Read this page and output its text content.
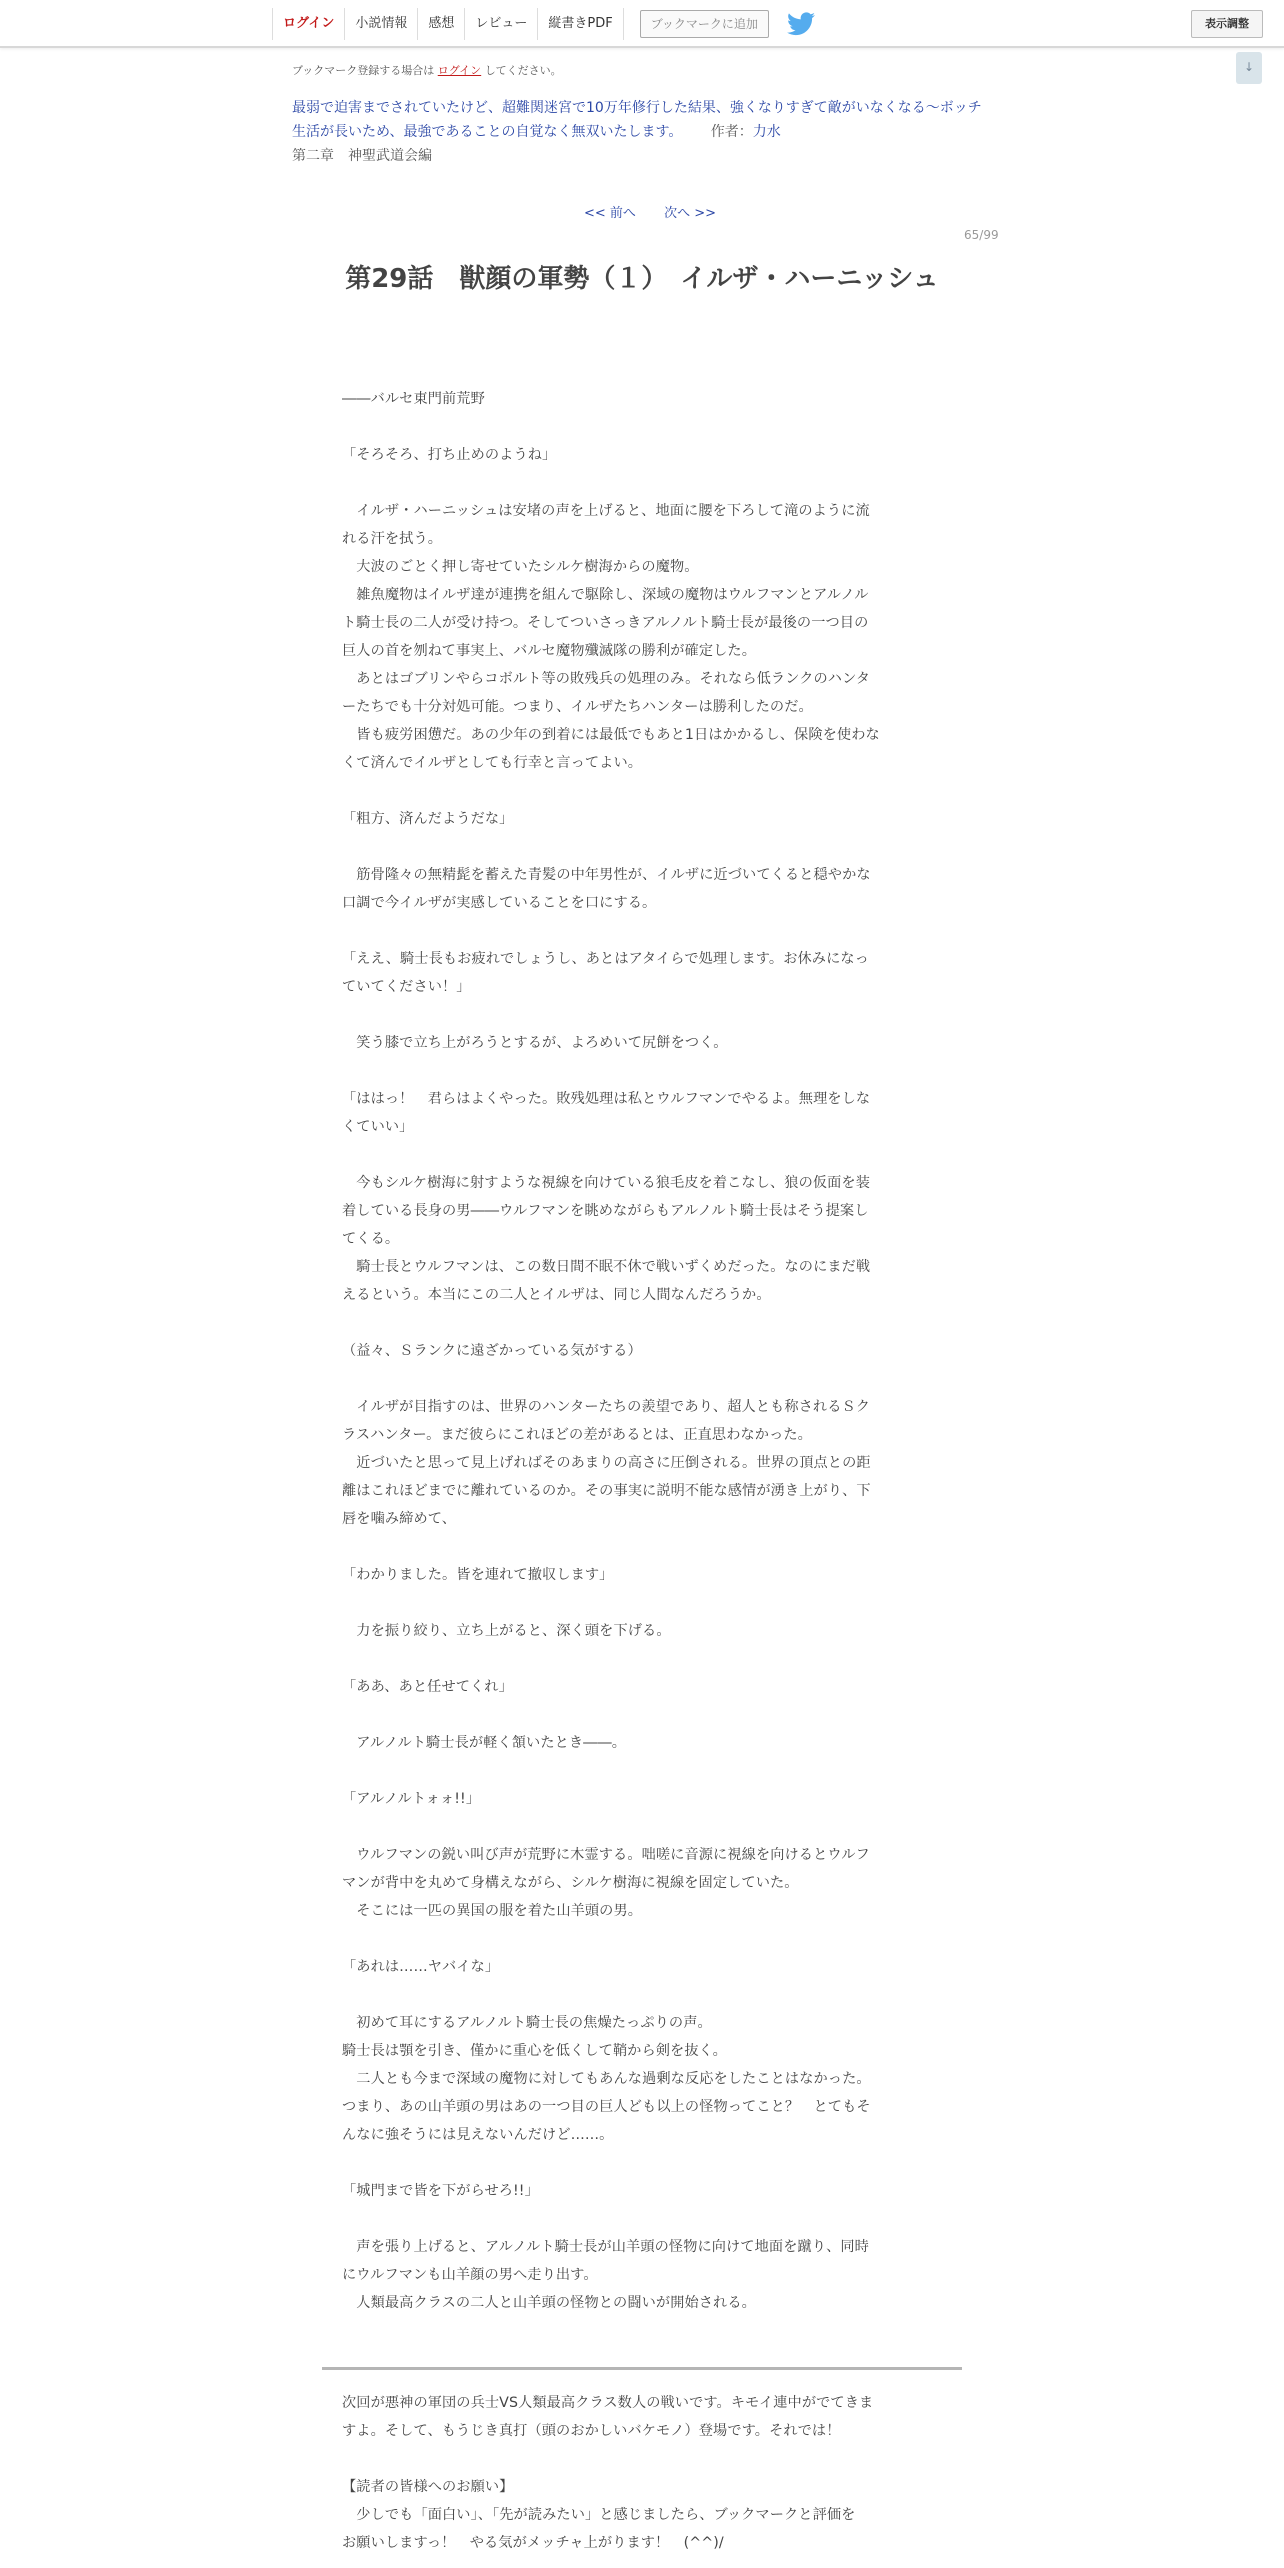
ログイン	小説情報	感想	レビュー	縦書きPDF	ブックマークに追加	表示調整
↓
ブックマーク登録する場合は ログイン してください。
最弱で迫害までされていたけど、超難関迷宮で10万年修行した結果、強くなりすぎて敵がいなくなる～ボッチ生活が長いため、最強であることの自覚なく無双いたします。 作者：力水
第二章　神聖武道会編
<< 前へ 次へ >>
65/99
第29話　獣顔の軍勢（１）　イルザ・ハーニッシュ

――バルセ東門前荒野

「そろそろ、打ち止めのようね」

　イルザ・ハーニッシュは安堵の声を上げると、地面に腰を下ろして滝のように流

れる汗を拭う。

　大波のごとく押し寄せていたシルケ樹海からの魔物。

　雑魚魔物はイルザ達が連携を組んで駆除し、深域の魔物はウルフマンとアルノル

ト騎士長の二人が受け持つ。そしてついさっきアルノルト騎士長が最後の一つ目の

巨人の首を刎ねて事実上、バルセ魔物殲滅隊の勝利が確定した。

　あとはゴブリンやらコボルト等の敗残兵の処理のみ。それなら低ランクのハンタ

ーたちでも十分対処可能。つまり、イルザたちハンターは勝利したのだ。

　皆も疲労困憊だ。あの少年の到着には最低でもあと1日はかかるし、保険を使わな

くて済んでイルザとしても行幸と言ってよい。

「粗方、済んだようだな」

　筋骨隆々の無精髭を蓄えた青髪の中年男性が、イルザに近づいてくると穏やかな

口調で今イルザが実感していることを口にする。

「ええ、騎士長もお疲れでしょうし、あとはアタイらで処理します。お休みになっ

ていてください！」

　笑う膝で立ち上がろうとするが、よろめいて尻餅をつく。

「ははっ！　君らはよくやった。敗残処理は私とウルフマンでやるよ。無理をしな

くていい」

　今もシルケ樹海に射すような視線を向けている狼毛皮を着こなし、狼の仮面を装

着している長身の男――ウルフマンを眺めながらもアルノルト騎士長はそう提案し

てくる。

　騎士長とウルフマンは、この数日間不眠不休で戦いずくめだった。なのにまだ戦

えるという。本当にこの二人とイルザは、同じ人間なんだろうか。

（益々、Ｓランクに遠ざかっている気がする）

　イルザが目指すのは、世界のハンターたちの羨望であり、超人とも称されるＳク

ラスハンター。まだ彼らにこれほどの差があるとは、正直思わなかった。

　近づいたと思って見上げればそのあまりの高さに圧倒される。世界の頂点との距

離はこれほどまでに離れているのか。その事実に説明不能な感情が湧き上がり、下

唇を噛み締めて、

「わかりました。皆を連れて撤収します」

　力を振り絞り、立ち上がると、深く頭を下げる。

「ああ、あと任せてくれ」

　アルノルト騎士長が軽く頷いたとき――。

「アルノルトォォ!!」

　ウルフマンの鋭い叫び声が荒野に木霊する。咄嗟に音源に視線を向けるとウルフ

マンが背中を丸めて身構えながら、シルケ樹海に視線を固定していた。

　そこには一匹の異国の服を着た山羊頭の男。

「あれは……ヤバイな」

　初めて耳にするアルノルト騎士長の焦燥たっぷりの声。

騎士長は顎を引き、僅かに重心を低くして鞘から剣を抜く。

　二人とも今まで深域の魔物に対してもあんな過剰な反応をしたことはなかった。

つまり、あの山羊頭の男はあの一つ目の巨人ども以上の怪物ってこと？　とてもそ

んなに強そうには見えないんだけど……。

「城門まで皆を下がらせろ!!」

　声を張り上げると、アルノルト騎士長が山羊頭の怪物に向けて地面を蹴り、同時

にウルフマンも山羊顔の男へ走り出す。

　人類最高クラスの二人と山羊頭の怪物との闘いが開始される。

次回が悪神の軍団の兵士VS人類最高クラス数人の戦いです。キモイ連中がでてきま

すよ。そして、もうじき真打（頭のおかしいバケモノ）登場です。それでは！

【読者の皆様へのお願い】

　少しでも「面白い」、「先が読みたい」と感じましたら、ブックマークと評価を

お願いしますっ！　やる気がメッチャ上がります！　(^^)/
